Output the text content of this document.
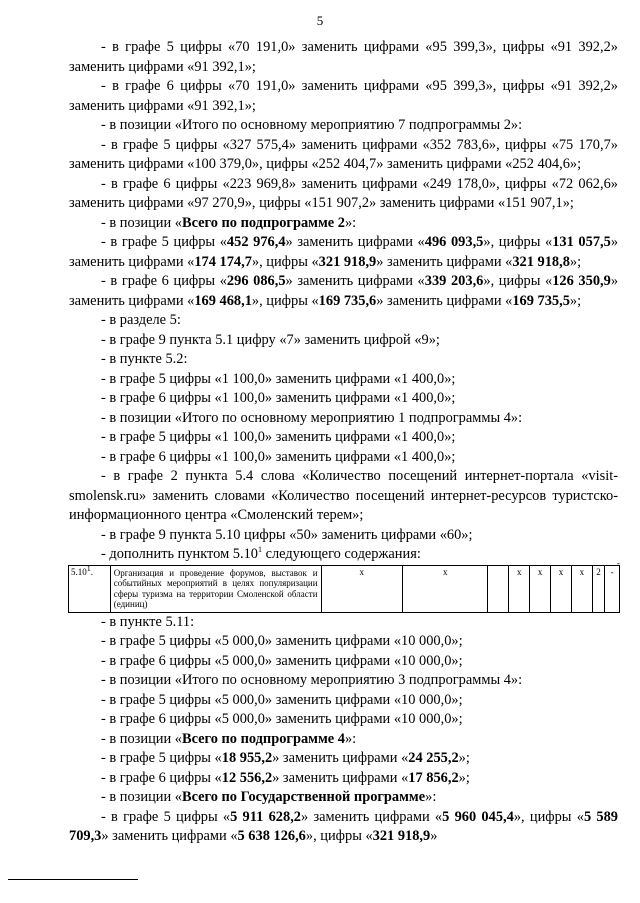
5

- в графе 5 цифры «70 191,0» заменить цифрами «95 399,3», цифры «91 392,2» заменить цифрами «91 392,1»;

- в графе 6 цифры «70 191,0» заменить цифрами «95 399,3», цифры «91 392,2» заменить цифрами «91 392,1»;

- в позиции «Итого по основному мероприятию 7 подпрограммы 2»:

- в графе 5 цифры «327 575,4» заменить цифрами «352 783,6», цифры «75 170,7» заменить цифрами «100 379,0», цифры «252 404,7» заменить цифрами «252 404,6»;

- в графе 6 цифры «223 969,8» заменить цифрами «249 178,0», цифры «72 062,6» заменить цифрами «97 270,9», цифры «151 907,2» заменить цифрами «151 907,1»;

- в позиции «Всего по подпрограмме 2»:

- в графе 5 цифры «452 976,4» заменить цифрами «496 093,5», цифры «131 057,5» заменить цифрами «174 174,7», цифры «321 918,9» заменить цифрами «321 918,8»;

- в графе 6 цифры «296 086,5» заменить цифрами «339 203,6», цифры «126 350,9» заменить цифрами «169 468,1», цифры «169 735,6» заменить цифрами «169 735,5»;

- в разделе 5:

- в графе 9 пункта 5.1 цифру «7» заменить цифрой «9»;

- в пункте 5.2:

- в графе 5 цифры «1 100,0» заменить цифрами «1 400,0»;

- в графе 6 цифры «1 100,0» заменить цифрами «1 400,0»;

- в позиции «Итого по основному мероприятию 1 подпрограммы 4»:

- в графе 5 цифры «1 100,0» заменить цифрами «1 400,0»;

- в графе 6 цифры «1 100,0» заменить цифрами «1 400,0»;

- в графе 2 пункта 5.4 слова «Количество посещений интернет-портала «visit-smolensk.ru» заменить словами «Количество посещений интернет-ресурсов туристско-информационного центра «Смоленский терем»;

- в графе 9 пункта 5.10 цифры «50» заменить цифрами «60»;

- дополнить пунктом 5.10$^1$ следующего содержания:

5.10$^1$.	Организация и проведение форумов, выставок и событийных мероприятий в целях популяризации сферы туризма на территории Смоленской области (единиц)	х	х		х	х	х	х	2	-
-

- в пункте 5.11:

- в графе 5 цифры «5 000,0» заменить цифрами «10 000,0»;

- в графе 6 цифры «5 000,0» заменить цифрами «10 000,0»;

- в позиции «Итого по основному мероприятию 3 подпрограммы 4»:

- в графе 5 цифры «5 000,0» заменить цифрами «10 000,0»;

- в графе 6 цифры «5 000,0» заменить цифрами «10 000,0»;

- в позиции «Всего по подпрограмме 4»:

- в графе 5 цифры «18 955,2» заменить цифрами «24 255,2»;

- в графе 6 цифры «12 556,2» заменить цифрами «17 856,2»;

- в позиции «Всего по Государственной программе»:

- в графе 5 цифры «5 911 628,2» заменить цифрами «5 960 045,4», цифры «5 589 709,3» заменить цифрами «5 638 126,6», цифры «321 918,9»
